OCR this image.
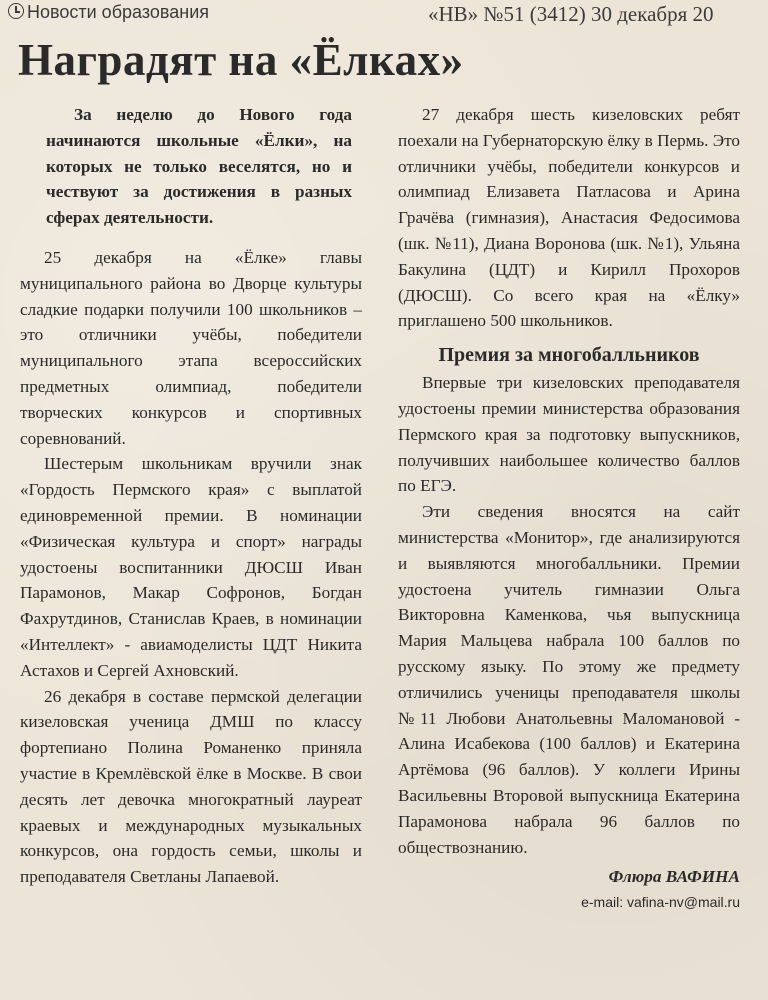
Новости образования	«НВ» №51 (3412) 30 декабря 20
Наградят на «Ёлках»

За неделю до Нового года начинаются школьные «Ёлки», на которых не только веселятся, но и чествуют за достижения в разных сферах деятельности.

25 декабря на «Ёлке» главы муниципального района во Дворце культуры сладкие подарки получили 100 школьников – это отличники учёбы, победители муниципального этапа всероссийских предметных олимпиад, победители творческих конкурсов и спортивных соревнований.

Шестерым школьникам вручили знак «Гордость Пермского края» с выплатой единовременной премии. В номинации «Физическая культура и спорт» награды удостоены воспитанники ДЮСШ Иван Парамонов, Макар Софронов, Богдан Фахрутдинов, Станислав Краев, в номинации «Интеллект» - авиамоделисты ЦДТ Никита Астахов и Сергей Ахновский.

26 декабря в составе пермской делегации кизеловская ученица ДМШ по классу фортепиано Полина Романенко приняла участие в Кремлёвской ёлке в Москве. В свои десять лет девочка многократный лауреат краевых и международных музыкальных конкурсов, она гордость семьи, школы и преподавателя Светланы Лапаевой.

27 декабря шесть кизеловских ребят поехали на Губернаторскую ёлку в Пермь. Это отличники учёбы, победители конкурсов и олимпиад Елизавета Патласова и Арина Грачёва (гимназия), Анастасия Федосимова (шк. №11), Диана Воронова (шк. №1), Ульяна Бакулина (ЦДТ) и Кирилл Прохоров (ДЮСШ). Со всего края на «Ёлку» приглашено 500 школьников.

Премия за многобалльников

Впервые три кизеловских преподавателя удостоены премии министерства образования Пермского края за подготовку выпускников, получивших наибольшее количество баллов по ЕГЭ.

Эти сведения вносятся на сайт министерства «Монитор», где анализируются и выявляются многобалльники. Премии удостоена учитель гимназии Ольга Викторовна Каменкова, чья выпускница Мария Мальцева набрала 100 баллов по русскому языку. По этому же предмету отличились ученицы преподавателя школы №11 Любови Анатольевны Маломановой - Алина Исабекова (100 баллов) и Екатерина Артёмова (96 баллов). У коллеги Ирины Васильевны Второвой выпускница Екатерина Парамонова набрала 96 баллов по обществознанию.

Флюра ВАФИНА

e-mail: vafina-nv@mail.ru
